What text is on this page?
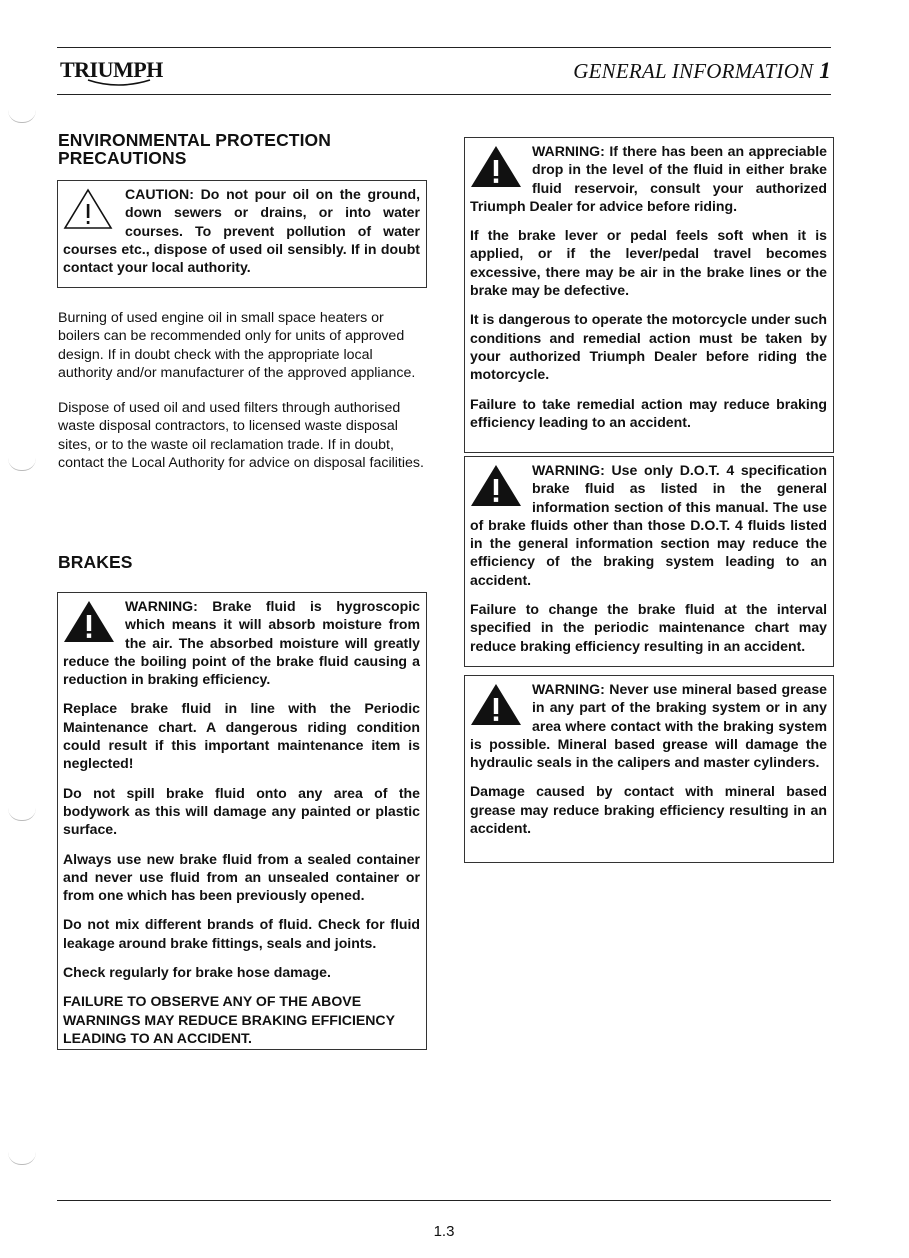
TRIUMPH	GENERAL INFORMATION 1
ENVIRONMENTAL PROTECTION
PRECAUTIONS

CAUTION: Do not pour oil on the ground, down sewers or drains, or into water courses. To prevent pollution of water courses etc., dispose of used oil sensibly. If in doubt contact your local authority.

Burning of used engine oil in small space heaters or boilers can be recommended only for units of approved design. If in doubt check with the appropriate local authority and/or manufacturer of the approved appliance.

Dispose of used oil and used filters through authorised waste disposal contractors, to licensed waste disposal sites, or to the waste oil reclamation trade. If in doubt, contact the Local Authority for advice on disposal facilities.

BRAKES

WARNING: Brake fluid is hygroscopic which means it will absorb moisture from the air. The absorbed moisture will greatly reduce the boiling point of the brake fluid causing a reduction in braking efficiency.

Replace brake fluid in line with the Periodic Maintenance chart. A dangerous riding condition could result if this important maintenance item is neglected!

Do not spill brake fluid onto any area of the bodywork as this will damage any painted or plastic surface.

Always use new brake fluid from a sealed container and never use fluid from an unsealed container or from one which has been previously opened.

Do not mix different brands of fluid. Check for fluid leakage around brake fittings, seals and joints.

Check regularly for brake hose damage.

FAILURE TO OBSERVE ANY OF THE ABOVE WARNINGS MAY REDUCE BRAKING EFFICIENCY LEADING TO AN ACCIDENT.

WARNING: If there has been an appreciable drop in the level of the fluid in either brake fluid reservoir, consult your authorized Triumph Dealer for advice before riding.

If the brake lever or pedal feels soft when it is applied, or if the lever/pedal travel becomes excessive, there may be air in the brake lines or the brake may be defective.

It is dangerous to operate the motorcycle under such conditions and remedial action must be taken by your authorized Triumph Dealer before riding the motorcycle.

Failure to take remedial action may reduce braking efficiency leading to an accident.

WARNING: Use only D.O.T. 4 specification brake fluid as listed in the general information section of this manual. The use of brake fluids other than those D.O.T. 4 fluids listed in the general information section may reduce the efficiency of the braking system leading to an accident.

Failure to change the brake fluid at the interval specified in the periodic maintenance chart may reduce braking efficiency resulting in an accident.

WARNING: Never use mineral based grease in any part of the braking system or in any area where contact with the braking system is possible. Mineral based grease will damage the hydraulic seals in the calipers and master cylinders.

Damage caused by contact with mineral based grease may reduce braking efficiency resulting in an accident.

1.3
